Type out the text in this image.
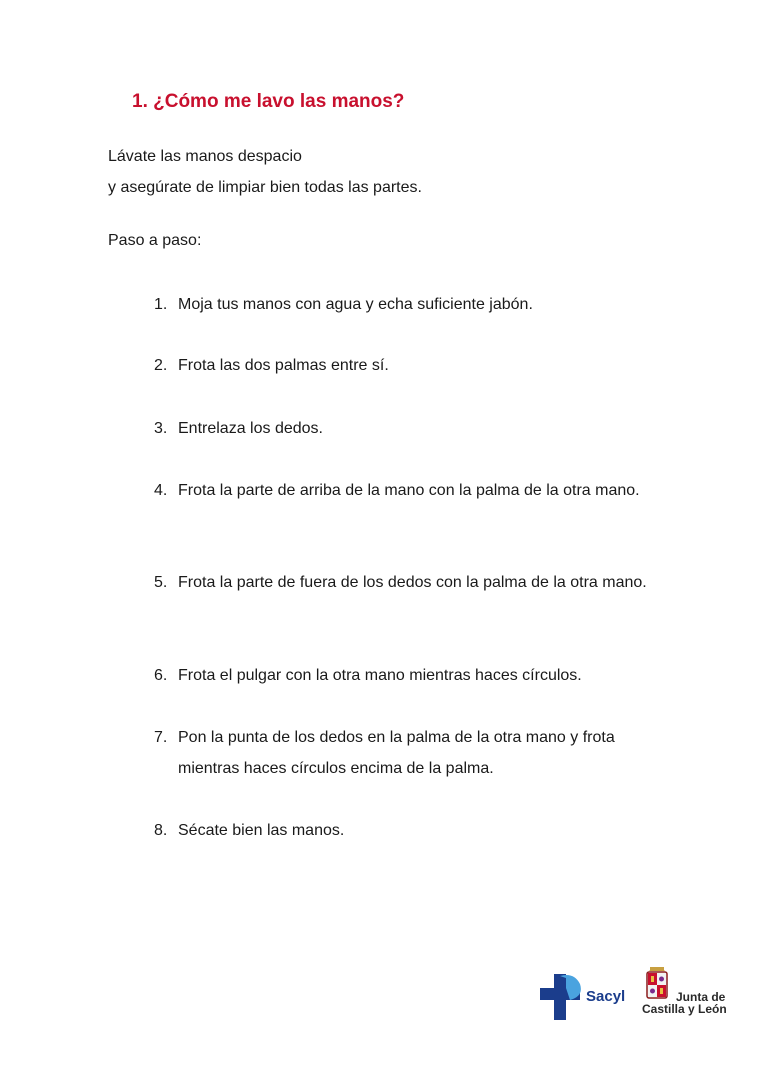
1. ¿Cómo me lavo las manos?

Lávate las manos despacio

y asegúrate de limpiar bien todas las partes.

Paso a paso:

1. Moja tus manos con agua y echa suficiente jabón.
2. Frota las dos palmas entre sí.
3. Entrelaza los dedos.
4. Frota la parte de arriba de la mano con la palma de la otra mano.
5. Frota la parte de fuera de los dedos con la palma de la otra mano.
6. Frota el pulgar con la otra mano mientras haces círculos.
7. Pon la punta de los dedos en la palma de la otra mano y frota mientras haces círculos encima de la palma.
8. Sécate bien las manos.
Sacyl	Junta de
Castilla y León
